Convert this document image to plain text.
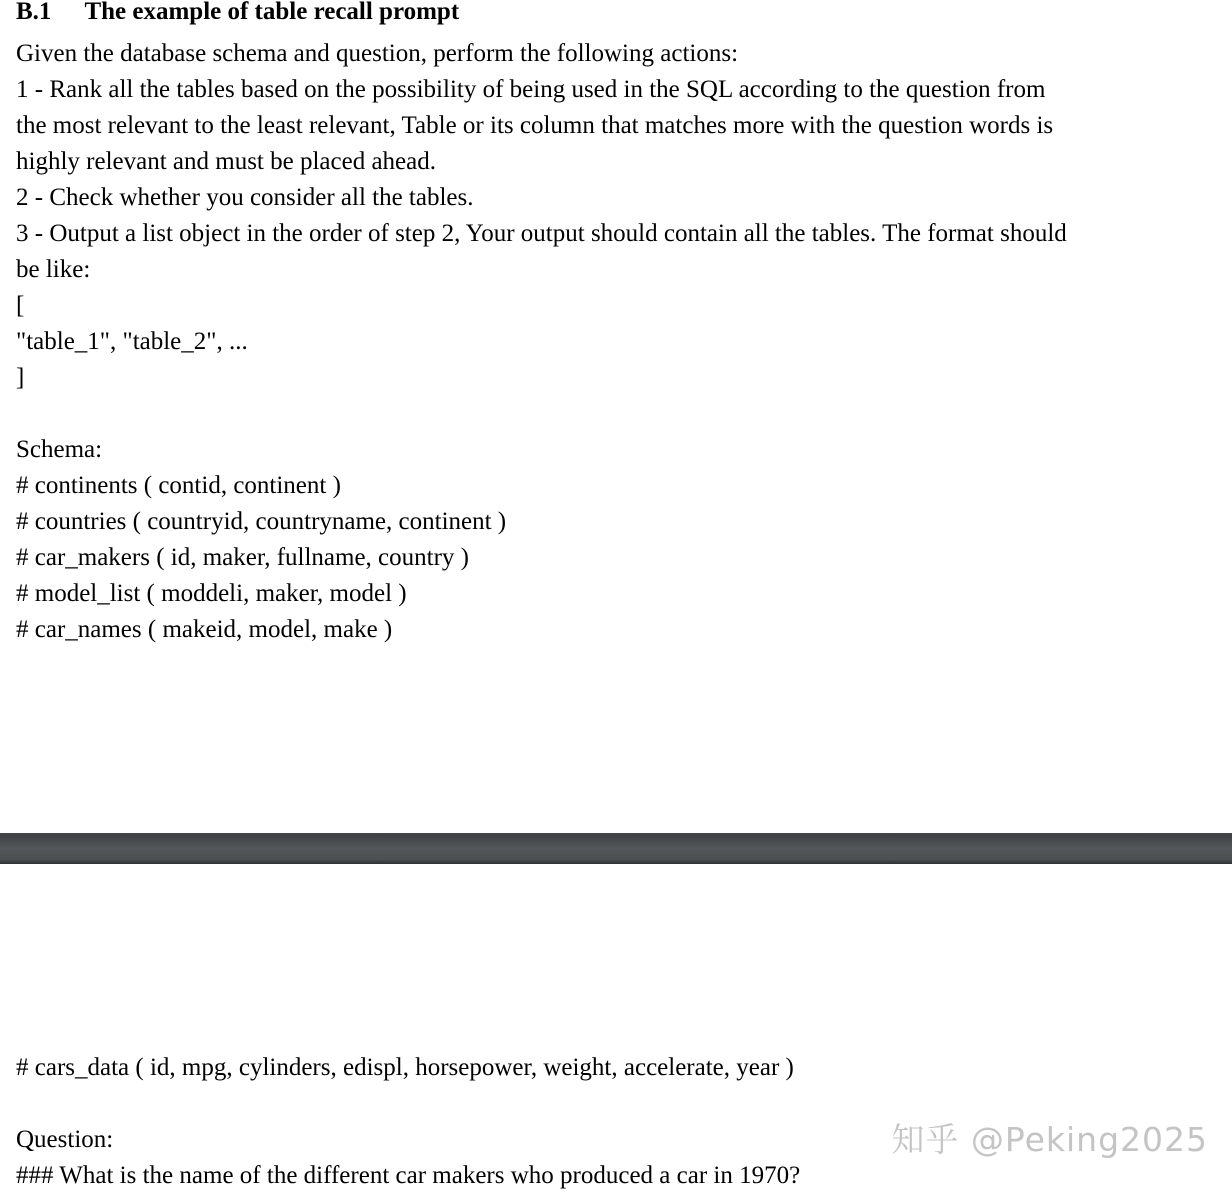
B.1 The example of table recall prompt
Given the database schema and question, perform the following actions:
1 - Rank all the tables based on the possibility of being used in the SQL according to the question from
the most relevant to the least relevant, Table or its column that matches more with the question words is
highly relevant and must be placed ahead.
2 - Check whether you consider all the tables.
3 - Output a list object in the order of step 2, Your output should contain all the tables. The format should
be like:
[
"table_1", "table_2", ...
]
Schema:
# continents ( contid, continent )
# countries ( countryid, countryname, continent )
# car_makers ( id, maker, fullname, country )
# model_list ( moddeli, maker, model )
# car_names ( makeid, model, make )
# cars_data ( id, mpg, cylinders, edispl, horsepower, weight, accelerate, year )
Question:
### What is the name of the different car makers who produced a car in 1970?
知乎 @Peking2025
